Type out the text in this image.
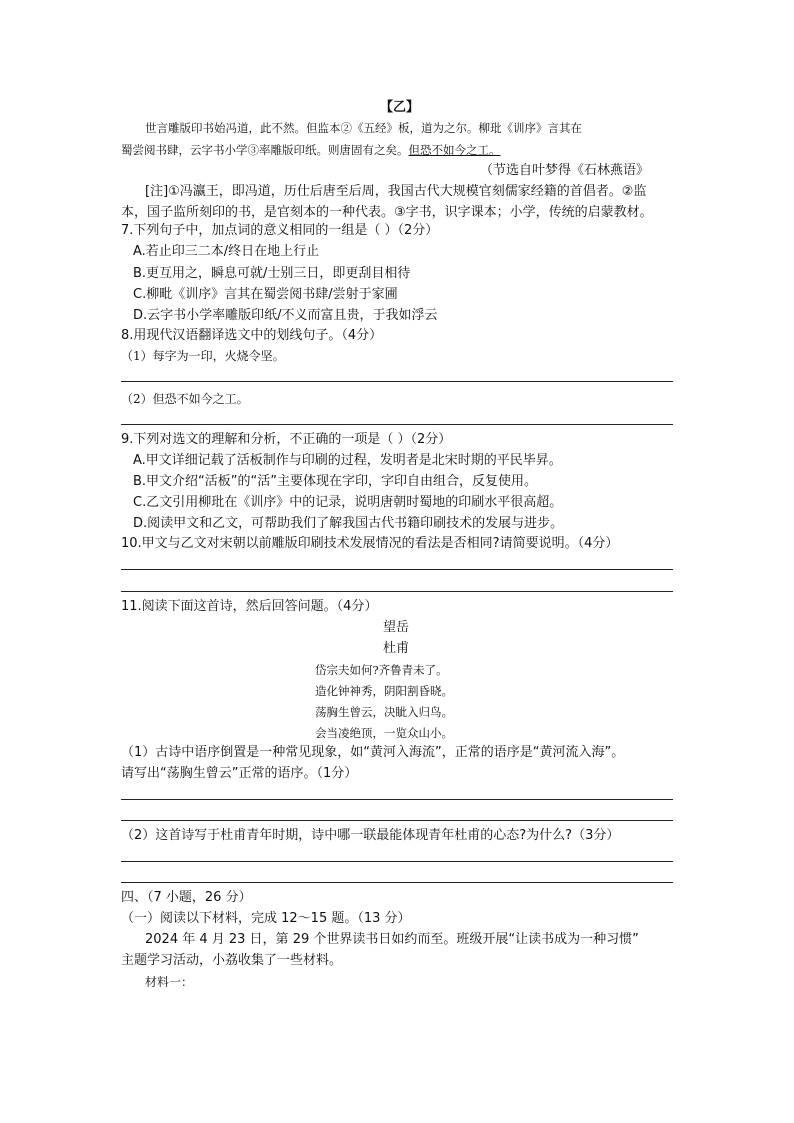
【乙】
世言雕版印书始冯道，此不然。但监本②《五经》板，道为之尔。柳玭《训序》言其在
蜀尝阅书肆，云字书小学③率雕版印纸。则唐固有之矣。但恐不如今之工。
（节选自叶梦得《石林燕语》
[注]①冯瀛王，即冯道，历仕后唐至后周，我国古代大规模官刻儒家经籍的首倡者。②监
本，国子监所刻印的书，是官刻本的一种代表。③字书，识字课本；小学，传统的启蒙教材。
7.下列句子中，加点词的意义相同的一组是（ ）（2分）
A.若止印三二本/终日在地上行止
B.更互用之，瞬息可就/士别三日，即更刮目相待
C.柳毗《训序》言其在蜀尝阅书肆/尝射于家圃
D.云字书小学率雕版印纸/不义而富且贵，于我如浮云
8.用现代汉语翻译选文中的划线句子。（4分）
（1）每字为一印，火烧令坚。
（2）但恐不如今之工。
9.下列对选文的理解和分析，不正确的一项是（ ）（2分）
A.甲文详细记载了活板制作与印刷的过程，发明者是北宋时期的平民毕昇。
B.甲文介绍“活板”的“活”主要体现在字印，字印自由组合，反复使用。
C.乙文引用柳玭在《训序》中的记录，说明唐朝时蜀地的印刷水平很高超。
D.阅读甲文和乙文，可帮助我们了解我国古代书籍印刷技术的发展与进步。
10.甲文与乙文对宋朝以前雕版印刷技术发展情况的看法是否相同?请简要说明。（4分）
11.阅读下面这首诗，然后回答问题。（4分）
望岳
杜甫
岱宗夫如何?齐鲁青未了。
造化钟神秀，阴阳割昏晓。
荡胸生曾云，决眦入归鸟。
会当凌绝顶，一览众山小。
（1）古诗中语序倒置是一种常见现象，如“黄河入海流”，正常的语序是“黄河流入海”。
请写出“荡胸生曾云”正常的语序。（1分）
（2）这首诗写于杜甫青年时期，诗中哪一联最能体现青年杜甫的心态?为什么?（3分）
四、（7 小题，26 分）
（一）阅读以下材料，完成 12～15 题。（13 分）
2024 年 4 月 23 日，第 29 个世界读书日如约而至。班级开展“让读书成为一种习惯”
主题学习活动，小荔收集了一些材料。
材料一：
